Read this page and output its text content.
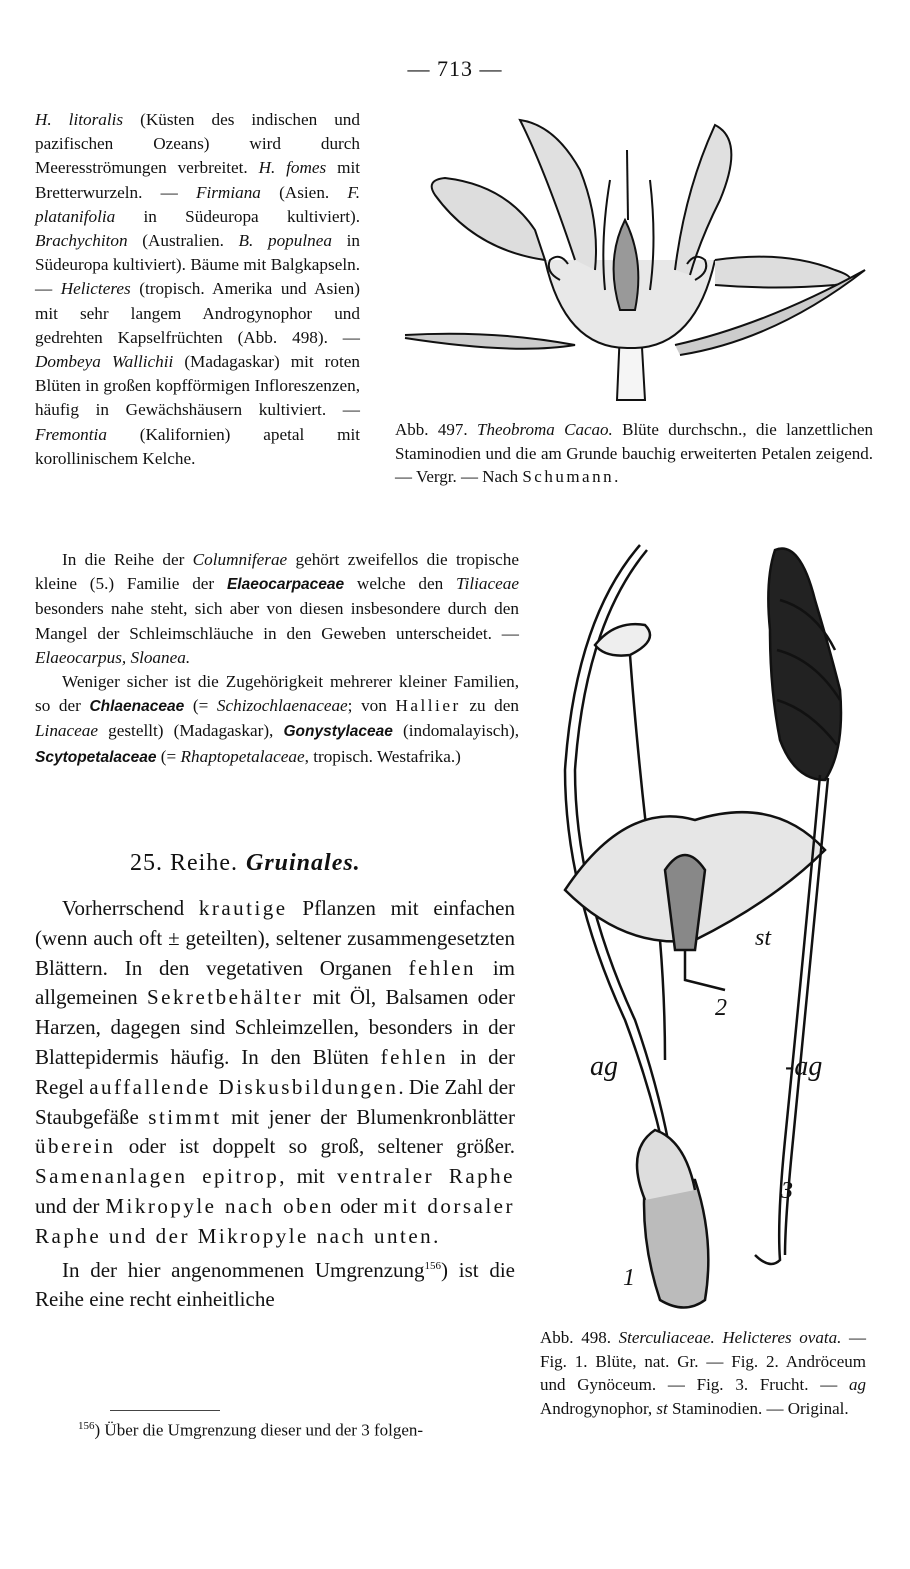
— 713 —

H. litoralis (Küsten des indischen und pazifischen Ozeans) wird durch Meeresströmungen verbreitet. H. fomes mit Bretterwurzeln. — Firmiana (Asien. F. platanifolia in Südeuropa kultiviert). Brachychiton (Australien. B. populnea in Südeuropa kultiviert). Bäume mit Balgkapseln. — Helicteres (tropisch. Amerika und Asien) mit sehr langem Androgynophor und gedrehten Kapselfrüchten (Abb. 498). — Dombeya Wallichii (Madagaskar) mit roten Blüten in großen kopfförmigen Infloreszenzen, häufig in Gewächshäusern kultiviert. — Fremontia (Kalifornien) apetal mit korollinischem Kelche.

In die Reihe der Columniferae gehört zweifellos die tropische kleine (5.) Familie der Elaeocarpaceae welche den Tiliaceae besonders nahe steht, sich aber von diesen insbesondere durch den Mangel der Schleimschläuche in den Geweben unterscheidet. — Elaeocarpus, Sloanea.

Weniger sicher ist die Zugehörigkeit mehrerer kleiner Familien, so der Chlaenaceae (= Schizochlaenaceae; von Hallier zu den Linaceae gestellt) (Madagaskar), Gonystylaceae (indomalayisch), Scytopetalaceae (= Rhaptopetalaceae, tropisch. Westafrika.)

25. Reihe. Gruinales.

Vorherrschend krautige Pflanzen mit einfachen (wenn auch oft ± geteilten), seltener zusammengesetzten Blättern. In den vegetativen Organen fehlen im allgemeinen Sekretbehälter mit Öl, Balsamen oder Harzen, dagegen sind Schleimzellen, besonders in der Blattepidermis häufig. In den Blüten fehlen in der Regel auffallende Diskusbildungen. Die Zahl der Staubgefäße stimmt mit jener der Blumenkronblätter überein oder ist doppelt so groß, seltener größer. Samenanlagen epitrop, mit ventraler Raphe und der Mikropyle nach oben oder mit dorsaler Raphe und der Mikropyle nach unten.

In der hier angenommenen Umgrenzung$^{156}$) ist die Reihe eine recht einheitliche

$^{156}$) Über die Umgrenzung dieser und der 3 folgen-
Abb. 497. Theobroma Cacao. Blüte durchschn., die lanzettlichen Staminodien und die am Grunde bauchig erweiterten Petalen zeigend. — Vergr. — Nach Schumann.
ag	-ag
st
1
2
3
Abb. 498. Sterculiaceae. Helicteres ovata. — Fig. 1. Blüte, nat. Gr. — Fig. 2. Andröceum und Gynöceum. — Fig. 3. Frucht. — ag Androgynophor, st Staminodien. — Original.
